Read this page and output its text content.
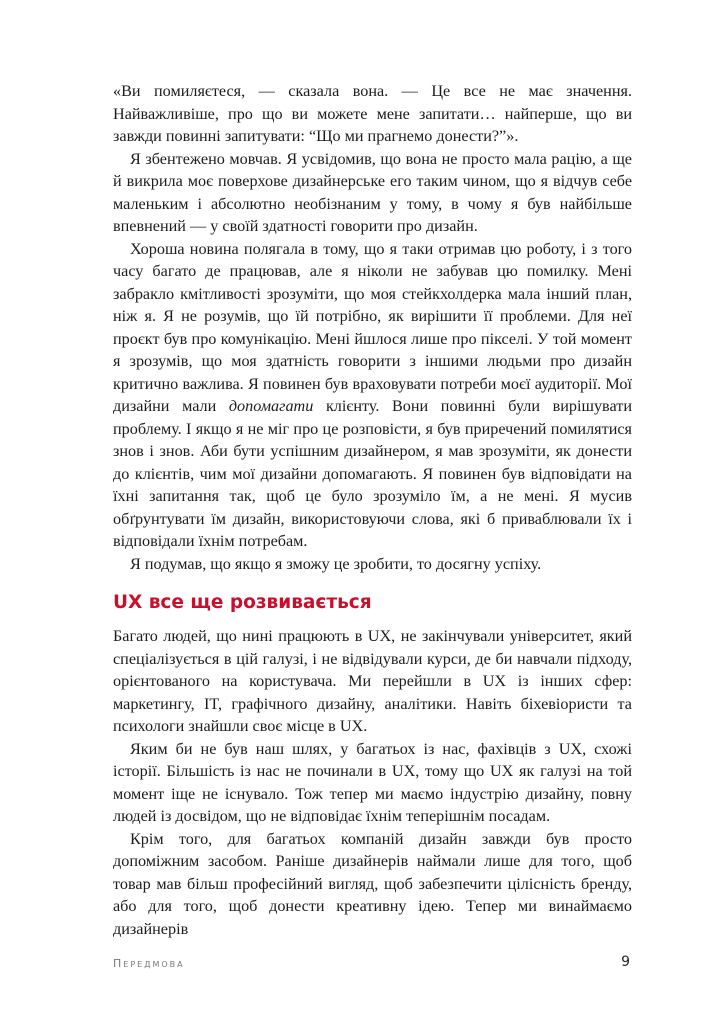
«Ви помиляєтеся, — сказала вона. — Це все не має значення. Найважливіше, про що ви можете мене запитати… найперше, що ви завжди повинні запитувати: “Що ми прагнемо донести?”».

Я збентежено мовчав. Я усвідомив, що вона не просто мала рацію, а ще й викрила моє поверхове дизайнерське его таким чином, що я відчув себе маленьким і абсолютно необізнаним у тому, в чому я був найбільше впевнений — у своїй здатності говорити про дизайн.

Хороша новина полягала в тому, що я таки отримав цю роботу, і з того часу багато де працював, але я ніколи не забував цю помилку. Мені забракло кмітливості зрозуміти, що моя стейкхолдерка мала інший план, ніж я. Я не розумів, що їй потрібно, як вирішити її проблеми. Для неї проєкт був про комунікацію. Мені йшлося лише про пікселі. У той момент я зрозумів, що моя здатність говорити з іншими людьми про дизайн критично важлива. Я повинен був враховувати потреби моєї аудиторії. Мої дизайни мали допомагати клієнту. Вони повинні були вирішувати проблему. І якщо я не міг про це розповісти, я був приречений помилятися знов і знов. Аби бути успішним дизайнером, я мав зрозуміти, як донести до клієнтів, чим мої дизайни допомагають. Я повинен був відповідати на їхні запитання так, щоб це було зрозуміло їм, а не мені. Я мусив обґрунтувати їм дизайн, використовуючи слова, які б приваблювали їх і відповідали їхнім потребам.

Я подумав, що якщо я зможу це зробити, то досягну успіху.

UX все ще розвивається

Багато людей, що нині працюють в UX, не закінчували університет, який спеціалізується в цій галузі, і не відвідували курси, де би навчали підходу, орієнтованого на користувача. Ми перейшли в UX із інших сфер: маркетингу, IT, графічного дизайну, аналітики. Навіть біхевіористи та психологи знайшли своє місце в UX.

Яким би не був наш шлях, у багатьох із нас, фахівців з UX, схожі історії. Більшість із нас не починали в UX, тому що UX як галузі на той момент іще не існувало. Тож тепер ми маємо індустрію дизайну, повну людей із досвідом, що не відповідає їхнім теперішнім посадам.

Крім того, для багатьох компаній дизайн завжди був просто допоміжним засобом. Раніше дизайнерів наймали лише для того, щоб товар мав більш професійний вигляд, щоб забезпечити цілісність бренду, або для того, щоб донести креативну ідею. Тепер ми винаймаємо дизайнерів

Передмова	9
